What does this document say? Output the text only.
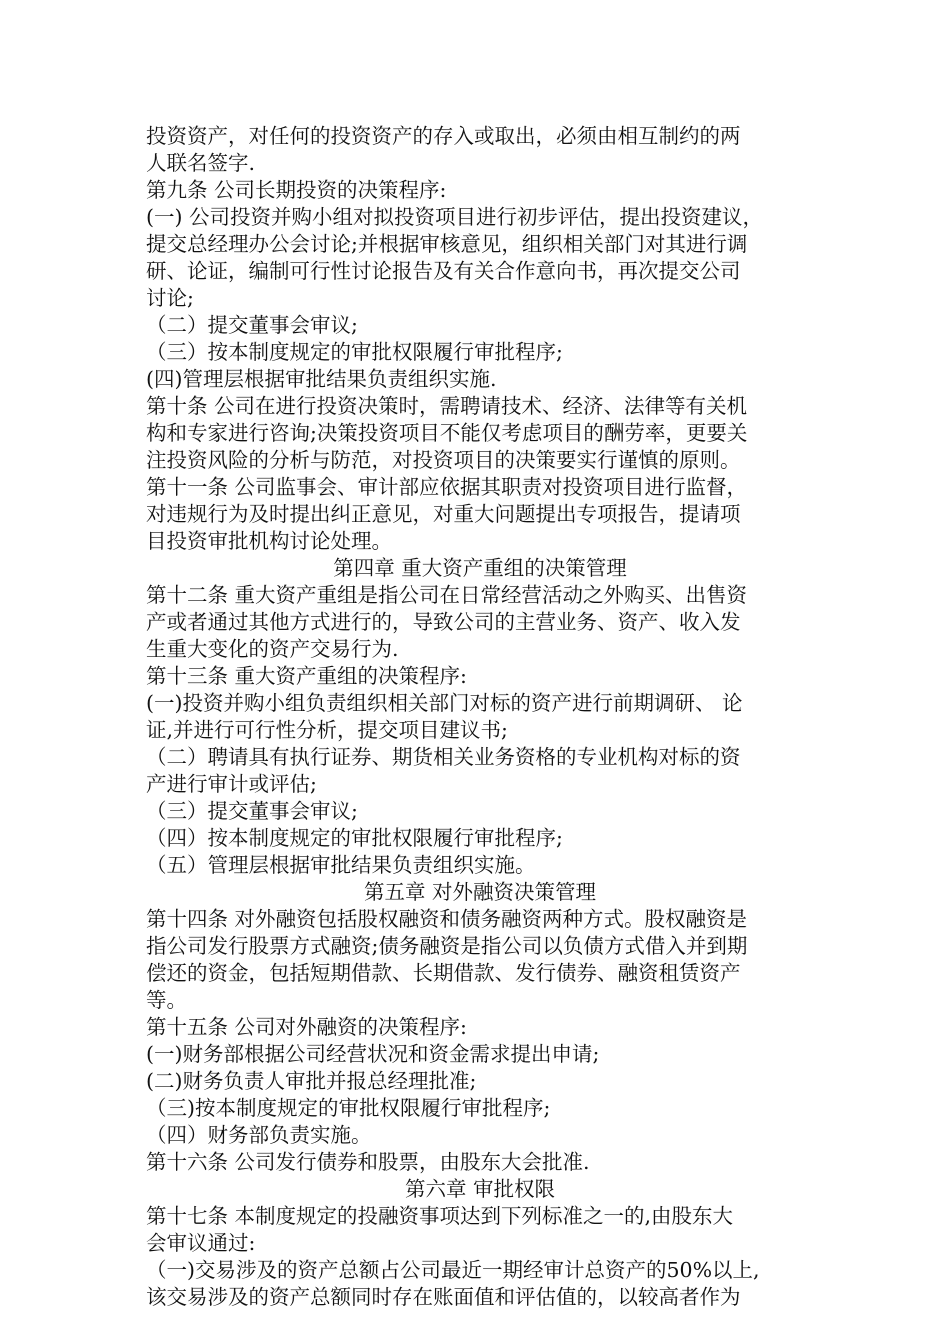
投资资产，对任何的投资资产的存入或取出，必须由相互制约的两
人联名签字.
第九条 公司长期投资的决策程序:
(一) 公司投资并购小组对拟投资项目进行初步评估，提出投资建议，
提交总经理办公会讨论;并根据审核意见，组织相关部门对其进行调
研、论证，编制可行性讨论报告及有关合作意向书，再次提交公司
讨论;
（二）提交董事会审议;
（三）按本制度规定的审批权限履行审批程序;
(四)管理层根据审批结果负责组织实施.
第十条 公司在进行投资决策时，需聘请技术、经济、法律等有关机
构和专家进行咨询;决策投资项目不能仅考虑项目的酬劳率，更要关
注投资风险的分析与防范，对投资项目的决策要实行谨慎的原则。
第十一条 公司监事会、审计部应依据其职责对投资项目进行监督，
对违规行为及时提出纠正意见，对重大问题提出专项报告，提请项
目投资审批机构讨论处理。
第四章 重大资产重组的决策管理
第十二条 重大资产重组是指公司在日常经营活动之外购买、出售资
产或者通过其他方式进行的，导致公司的主营业务、资产、收入发
生重大变化的资产交易行为.
第十三条 重大资产重组的决策程序:
(一)投资并购小组负责组织相关部门对标的资产进行前期调研、 论
证,并进行可行性分析，提交项目建议书;
（二）聘请具有执行证券、期货相关业务资格的专业机构对标的资
产进行审计或评估;
（三）提交董事会审议;
（四）按本制度规定的审批权限履行审批程序;
（五）管理层根据审批结果负责组织实施。
第五章 对外融资决策管理
第十四条 对外融资包括股权融资和债务融资两种方式。股权融资是
指公司发行股票方式融资;债务融资是指公司以负债方式借入并到期
偿还的资金，包括短期借款、长期借款、发行债券、融资租赁资产
等。
第十五条 公司对外融资的决策程序:
(一)财务部根据公司经营状况和资金需求提出申请;
(二)财务负责人审批并报总经理批准;
（三)按本制度规定的审批权限履行审批程序;
（四）财务部负责实施。
第十六条 公司发行债券和股票，由股东大会批准.
第六章 审批权限
第十七条 本制度规定的投融资事项达到下列标准之一的,由股东大
会审议通过:
（一)交易涉及的资产总额占公司最近一期经审计总资产的50%以上,
该交易涉及的资产总额同时存在账面值和评估值的，以较高者作为
